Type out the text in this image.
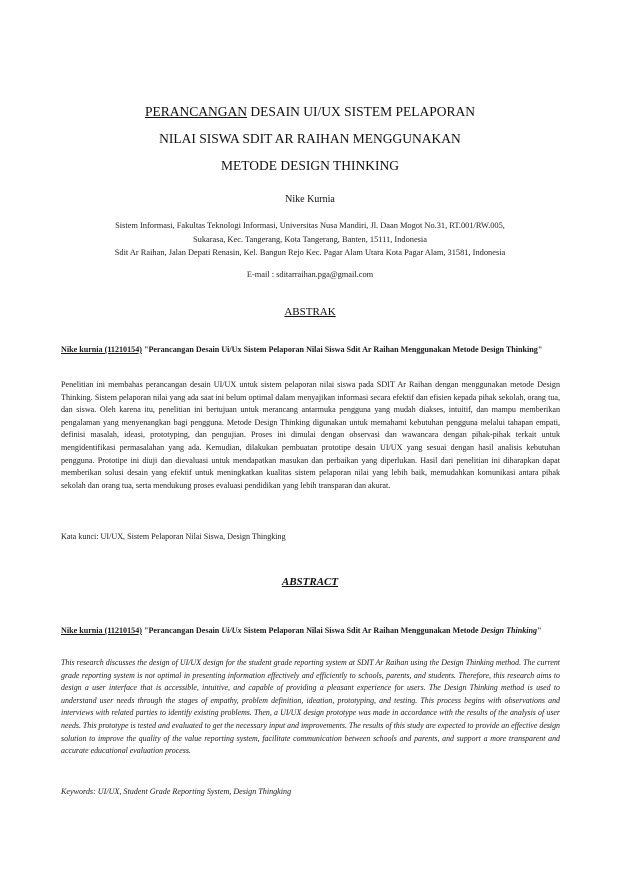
PERANCANGAN DESAIN UI/UX SISTEM PELAPORAN
NILAI SISWA SDIT AR RAIHAN MENGGUNAKAN
METODE DESIGN THINKING
Nike Kurnia
Sistem Informasi, Fakultas Teknologi Informasi, Universitas Nusa Mandiri, Jl. Daan Mogot No.31, RT.001/RW.005,
Sukarasa, Kec. Tangerang, Kota Tangerang, Banten, 15111, Indonesia
Sdit Ar Raihan, Jalan Depati Renasin, Kel. Bangun Rejo Kec. Pagar Alam Utara Kota Pagar Alam, 31581, Indonesia
E-mail : sditarraihan.pga@gmail.com
ABSTRAK
Nike kurnia (11210154) "Perancangan Desain Ui/Ux Sistem Pelaporan Nilai Siswa Sdit Ar Raihan Menggunakan Metode Design Thinking"
Penelitian ini membahas perancangan desain UI/UX untuk sistem pelaporan nilai siswa pada SDIT Ar Raihan dengan menggunakan metode Design Thinking. Sistem pelaporan nilai yang ada saat ini belum optimal dalam menyajikan informasi secara efektif dan efisien kepada pihak sekolah, orang tua, dan siswa. Oleh karena itu, penelitian ini bertujuan untuk merancang antarmuka pengguna yang mudah diakses, intuitif, dan mampu memberikan pengalaman yang menyenangkan bagi pengguna. Metode Design Thinking digunakan untuk memahami kebutuhan pengguna melalui tahapan empati, definisi masalah, ideasi, prototyping, dan pengujian. Proses ini dimulai dengan observasi dan wawancara dengan pihak-pihak terkait untuk mengidentifikasi permasalahan yang ada. Kemudian, dilakukan pembuatan prototipe desain UI/UX yang sesuai dengan hasil analisis kebutuhan pengguna. Prototipe ini diuji dan dievaluasi untuk mendapatkan masukan dan perbaikan yang diperlukan. Hasil dari penelitian ini diharapkan dapat memberikan solusi desain yang efektif untuk meningkatkan kualitas sistem pelaporan nilai yang lebih baik, memudahkan komunikasi antara pihak sekolah dan orang tua, serta mendukung proses evaluasi pendidikan yang lebih transparan dan akurat.
Kata kunci: UI/UX, Sistem Pelaporan Nilai Siswa, Design Thingking
ABSTRACT
Nike kurnia (11210154) "Perancangan Desain Ui/Ux Sistem Pelaporan Nilai Siswa Sdit Ar Raihan Menggunakan Metode Design Thinking"
This research discusses the design of UI/UX design for the student grade reporting system at SDIT Ar Raihan using the Design Thinking method. The current grade reporting system is not optimal in presenting information effectively and efficiently to schools, parents, and students. Therefore, this research aims to design a user interface that is accessible, intuitive, and capable of providing a pleasant experience for users. The Design Thinking method is used to understand user needs through the stages of empathy, problem definition, ideation, prototyping, and testing. This process begins with observations and interviews with related parties to identify existing problems. Then, a UI/UX design prototype was made in accordance with the results of the analysis of user needs. This prototype is tested and evaluated to get the necessary input and improvements. The results of this study are expected to provide an effective design solution to improve the quality of the value reporting system, facilitate communication between schools and parents, and support a more transparent and accurate educational evaluation process.
Keywords: UI/UX, Student Grade Reporting System, Design Thingking
